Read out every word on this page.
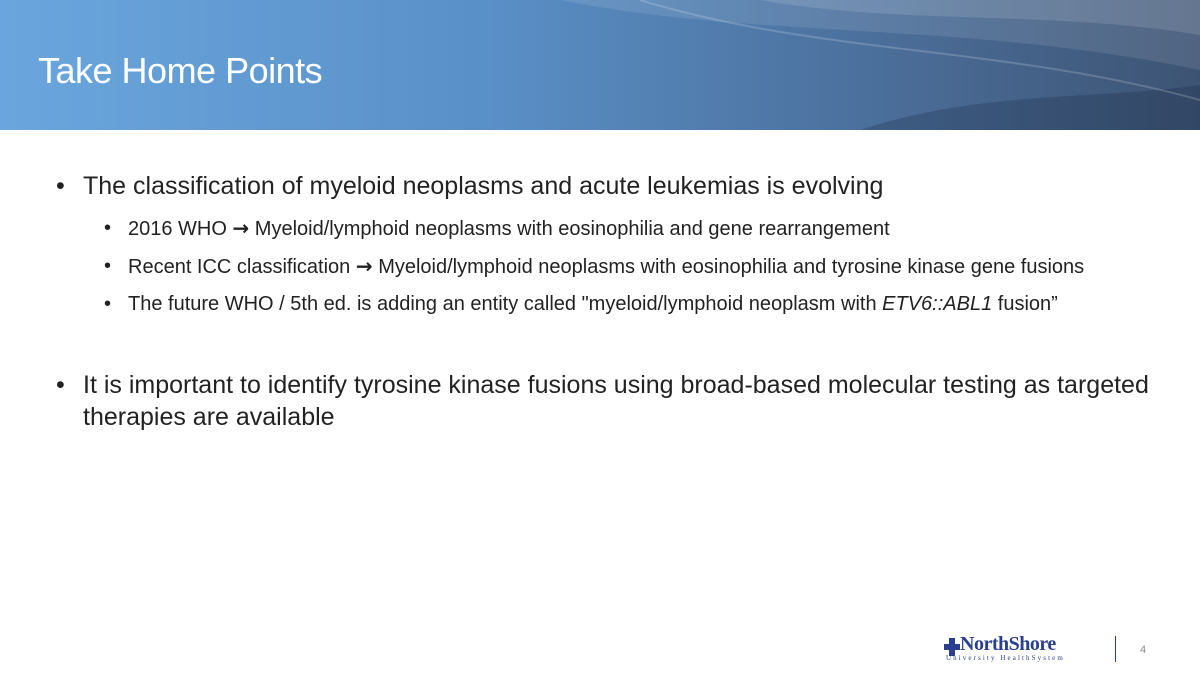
Take Home Points
• The classification of myeloid neoplasms and acute leukemias is evolving
• 2016 WHO → Myeloid/lymphoid neoplasms with eosinophilia and gene rearrangement
• Recent ICC classification → Myeloid/lymphoid neoplasms with eosinophilia and tyrosine kinase gene fusions
• The future WHO / 5th ed. is adding an entity called "myeloid/lymphoid neoplasm with ETV6::ABL1 fusion”
• It is important to identify tyrosine kinase fusions using broad-based molecular testing as targeted therapies are available
NorthShore
University HealthSystem
4
